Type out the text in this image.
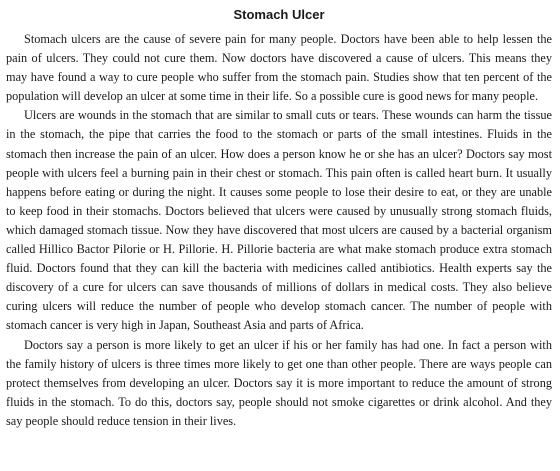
Stomach Ulcer

Stomach ulcers are the cause of severe pain for many people. Doctors have been able to help lessen the pain of ulcers. They could not cure them. Now doctors have discovered a cause of ulcers. This means they may have found a way to cure people who suffer from the stomach pain. Studies show that ten percent of the population will develop an ulcer at some time in their life. So a possible cure is good news for many people.

Ulcers are wounds in the stomach that are similar to small cuts or tears. These wounds can harm the tissue in the stomach, the pipe that carries the food to the stomach or parts of the small intestines. Fluids in the stomach then increase the pain of an ulcer. How does a person know he or she has an ulcer? Doctors say most people with ulcers feel a burning pain in their chest or stomach. This pain often is called heart burn. It usually happens before eating or during the night. It causes some people to lose their desire to eat, or they are unable to keep food in their stomachs. Doctors believed that ulcers were caused by unusually strong stomach fluids, which damaged stomach tissue. Now they have discovered that most ulcers are caused by a bacterial organism called Hillico Bactor Pilorie or H. Pillorie. H. Pillorie bacteria are what make stomach produce extra stomach fluid. Doctors found that they can kill the bacteria with medicines called antibiotics. Health experts say the discovery of a cure for ulcers can save thousands of millions of dollars in medical costs. They also believe curing ulcers will reduce the number of people who develop stomach cancer. The number of people with stomach cancer is very high in Japan, Southeast Asia and parts of Africa.

Doctors say a person is more likely to get an ulcer if his or her family has had one. In fact a person with the family history of ulcers is three times more likely to get one than other people. There are ways people can protect themselves from developing an ulcer. Doctors say it is more important to reduce the amount of strong fluids in the stomach. To do this, doctors say, people should not smoke cigarettes or drink alcohol. And they say people should reduce tension in their lives.
